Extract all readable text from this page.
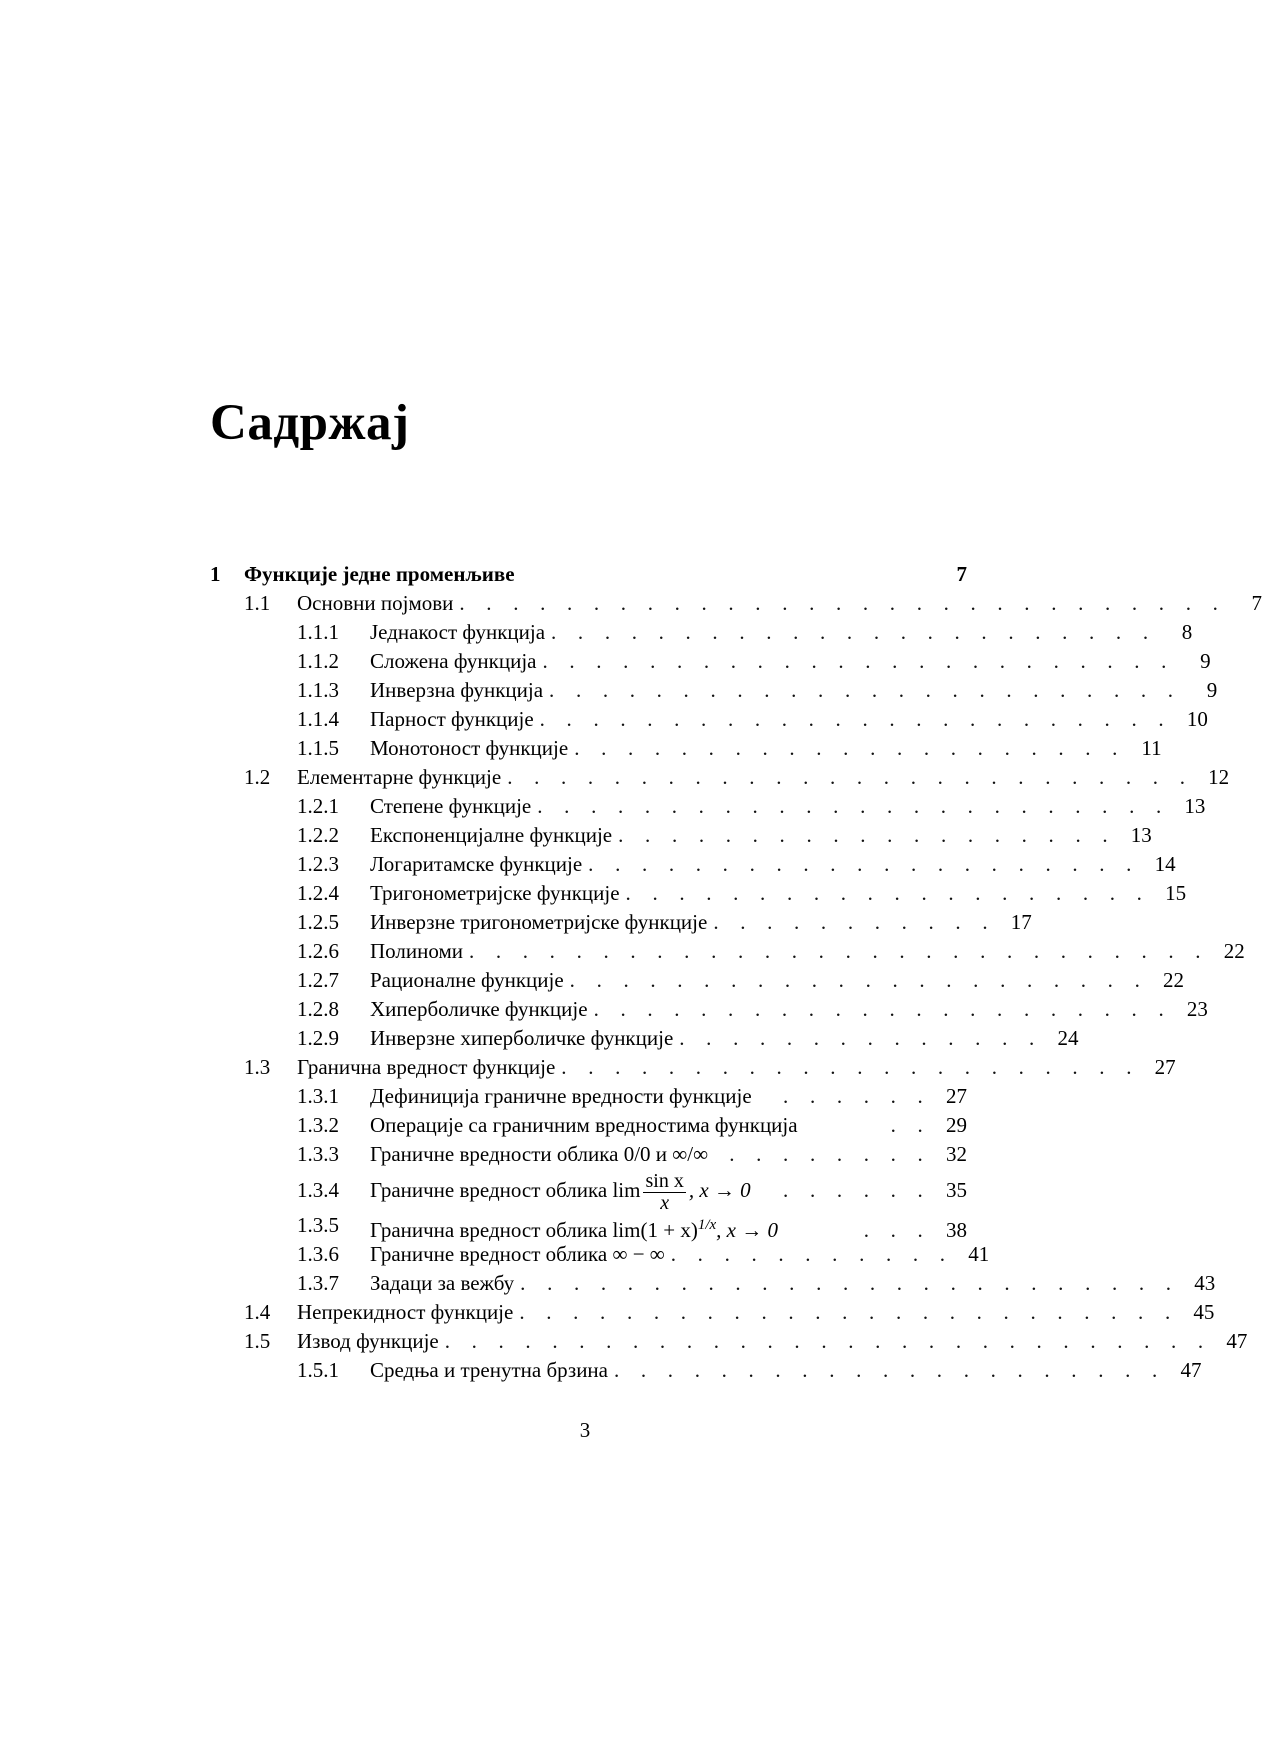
Садржај
1 Функције једне променљиве	7
1.1 Основни појмови . . . . . . . . . . . . . . . . . . . . . . . . . . . . .	7
1.1.1 Једнакост функција . . . . . . . . . . . . . . . . . . . . . . .	8
1.1.2 Сложена функција . . . . . . . . . . . . . . . . . . . . . . . .	9
1.1.3 Инверзна функција . . . . . . . . . . . . . . . . . . . . . . . .	9
1.1.4 Парност функције . . . . . . . . . . . . . . . . . . . . . . . . 10
1.1.5 Монотоност функције . . . . . . . . . . . . . . . . . . . . . 11
1.2 Елементарне функције . . . . . . . . . . . . . . . . . . . . . . . . . . 12
1.2.1 Степене функције . . . . . . . . . . . . . . . . . . . . . . . . 13
1.2.2 Експоненцијалне функције . . . . . . . . . . . . . . . . . . . 13
1.2.3 Логаритамске функције . . . . . . . . . . . . . . . . . . . . . 14
1.2.4 Тригонометријске функције . . . . . . . . . . . . . . . . . . . . 15
1.2.5 Инверзне тригонометријске функције . . . . . . . . . . . 17
1.2.6 Полиноми . . . . . . . . . . . . . . . . . . . . . . . . . . . . 22
1.2.7 Рационалне функције . . . . . . . . . . . . . . . . . . . . . . 22
1.2.8 Хиперболичке функције . . . . . . . . . . . . . . . . . . . . . . 23
1.2.9 Инверзне хиперболичке функције . . . . . . . . . . . . . . 24
1.3 Гранична вредност функције . . . . . . . . . . . . . . . . . . . . . . 27
1.3.1 Дефиниција граничне вредности функције	. . . . . . 27
1.3.2 Операције са граничним вредностима функција	. . 29
1.3.3 Граничне вредности облика 0/0 и ∞/∞	. . . . . . . . 32
1.3.4 Граничне вредност облика $\lim \frac{\text{sin x}}{x}$ , x → 0	. . . . . . 35
1.3.5 Гранична вредност облика $\lim(1 + x)^{1/x}$, x → 0	. . . 38
1.3.6 Граничне вредност облика ∞ − ∞ . . . . . . . . . . . 41
1.3.7 Задаци за вежбу . . . . . . . . . . . . . . . . . . . . . . . . . 43
1.4 Непрекидност функције . . . . . . . . . . . . . . . . . . . . . . . . . 45
1.5 Извод функције . . . . . . . . . . . . . . . . . . . . . . . . . . . . . 47
1.5.1 Средња и тренутна брзина . . . . . . . . . . . . . . . . . . . . . 47
3
